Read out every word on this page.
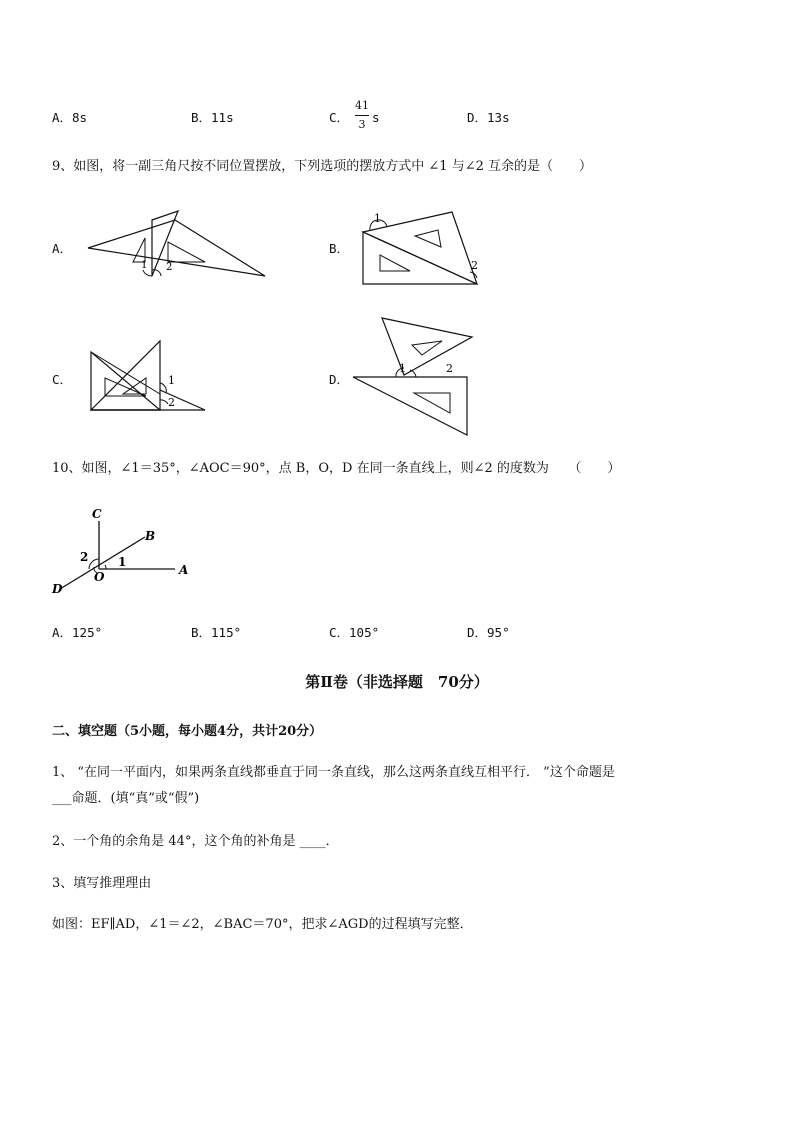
A．8s	B．11s	C．
41
3 s	D．13s
9、如图，将一副三角尺按不同位置摆放，下列选项的摆放方式中 ∠1 与∠2 互余的是（　　）
A．
1 2
B．
1
2
C．	1
2
D．
1	2
10、如图，∠1＝35°，∠AOC＝90°，点 B，O，D 在同一条直线上，则∠2 的度数为　　（　　）
C
B
A
D
O
1
2
A．125°	B．115°	C．105°	D．95°
第Ⅱ卷（非选择题　70分）
二、填空题（5小题，每小题4分，共计20分）
1、 “在同一平面内，如果两条直线都垂直于同一条直线，那么这两条直线互相平行． ”这个命题是
___命题．(填“真”或“假”)
2、一个角的余角是 44°，这个角的补角是 ____．
3、填写推理理由
如图：EF∥AD，∠1＝∠2，∠BAC＝70°，把求∠AGD的过程填写完整．
